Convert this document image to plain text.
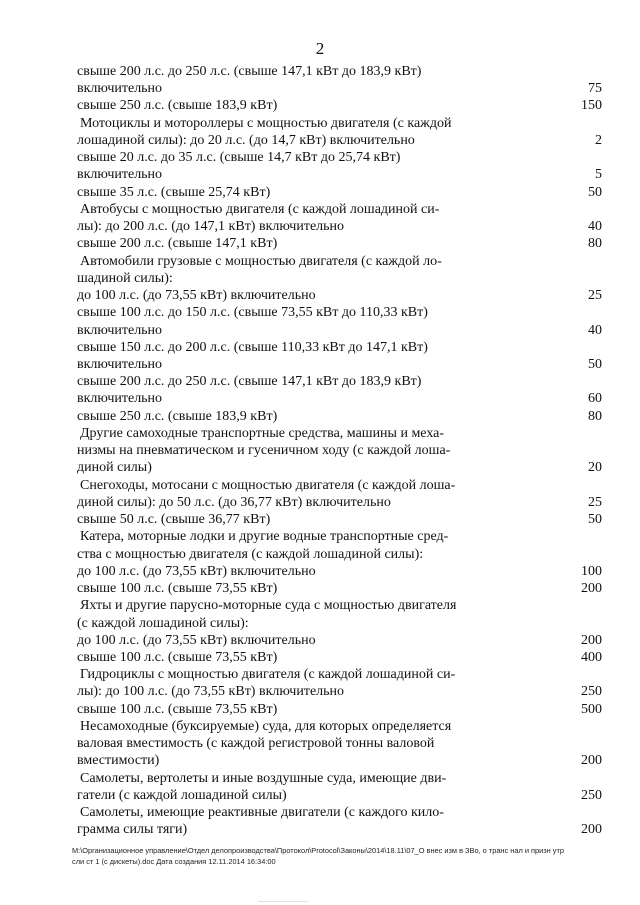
2
свыше 200 л.с. до 250 л.с. (свыше 147,1 кВт до 183,9 кВт)
включительно	75
свыше 250 л.с. (свыше 183,9 кВт)	150
Мотоциклы и мотороллеры с мощностью двигателя (с каждой
лошадиной силы): до 20 л.с. (до 14,7 кВт) включительно	2
свыше 20 л.с. до 35 л.с. (свыше 14,7 кВт до 25,74 кВт)
включительно	5
свыше 35 л.с. (свыше 25,74 кВт)	50
Автобусы с мощностью двигателя (с каждой лошадиной си-
лы): до 200 л.с. (до 147,1 кВт) включительно	40
свыше 200 л.с. (свыше 147,1 кВт)	80
Автомобили грузовые с мощностью двигателя (с каждой ло-
шадиной силы):
до 100 л.с. (до 73,55 кВт) включительно	25
свыше 100 л.с. до 150 л.с. (свыше 73,55 кВт до 110,33 кВт)
включительно	40
свыше 150 л.с. до 200 л.с. (свыше 110,33 кВт до 147,1 кВт)
включительно	50
свыше 200 л.с. до 250 л.с. (свыше 147,1 кВт до 183,9 кВт)
включительно	60
свыше 250 л.с. (свыше 183,9 кВт)	80
Другие самоходные транспортные средства, машины и меха-
низмы на пневматическом и гусеничном ходу (с каждой лоша-
диной силы)	20
Снегоходы, мотосани с мощностью двигателя (с каждой лоша-
диной силы): до 50 л.с. (до 36,77 кВт) включительно	25
свыше 50 л.с. (свыше 36,77 кВт)	50
Катера, моторные лодки и другие водные транспортные сред-
ства с мощностью двигателя (с каждой лошадиной силы):
до 100 л.с. (до 73,55 кВт) включительно	100
свыше 100 л.с. (свыше 73,55 кВт)	200
Яхты и другие парусно-моторные суда с мощностью двигателя
(с каждой лошадиной силы):
до 100 л.с. (до 73,55 кВт) включительно	200
свыше 100 л.с. (свыше 73,55 кВт)	400
Гидроциклы с мощностью двигателя (с каждой лошадиной си-
лы): до 100 л.с. (до 73,55 кВт) включительно	250
свыше 100 л.с. (свыше 73,55 кВт)	500
Несамоходные (буксируемые) суда, для которых определяется
валовая вместимость (с каждой регистровой тонны валовой
вместимости)	200
Самолеты, вертолеты и иные воздушные суда, имеющие дви-
гатели (с каждой лошадиной силы)	250
Самолеты, имеющие реактивные двигатели (с каждого кило-
грамма силы тяги)	200
М:\Организационное управление\Отдел делопроизводства\Протокол\Protocol\Законы\2014\18.11\07_О внес изм в ЗВо, о транс нал и призн утр
сли ст 1 (с дискеты).doc Дата создания 12.11.2014 16:34:00
